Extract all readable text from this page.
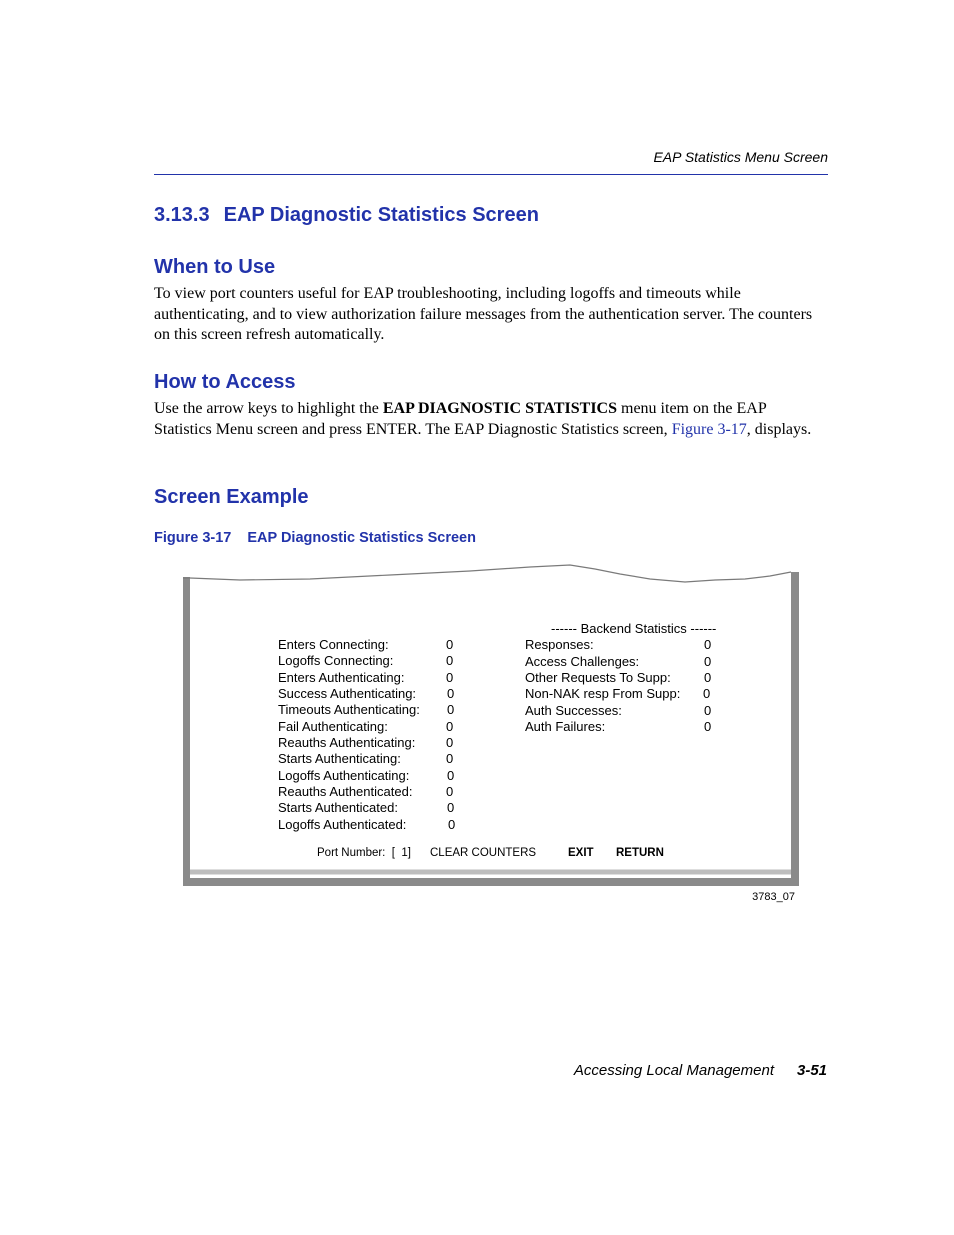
EAP Statistics Menu Screen
3.13.3 EAP Diagnostic Statistics Screen
When to Use
To view port counters useful for EAP troubleshooting, including logoffs and timeouts while authenticating, and to view authorization failure messages from the authentication server. The counters on this screen refresh automatically.
How to Access
Use the arrow keys to highlight the EAP DIAGNOSTIC STATISTICS menu item on the EAP Statistics Menu screen and press ENTER. The EAP Diagnostic Statistics screen, Figure 3-17, displays.
Screen Example
Figure 3-17 EAP Diagnostic Statistics Screen
------ Backend Statistics ------
Enters Connecting:
Logoffs Connecting:
Enters Authenticating:
Success Authenticating:
Timeouts Authenticating:
Fail Authenticating:
Reauths Authenticating:
Starts Authenticating:
Logoffs Authenticating:
Reauths Authenticated:
Starts Authenticated:
Logoffs Authenticated:
0
0
0
0
0
0
0
0
0
0
0
0
Responses:
Access Challenges:
Other Requests To Supp:
Non-NAK resp From Supp:
Auth Successes:
Auth Failures:
0
0
0
0
0
0
Port Number:  [  1] CLEAR COUNTERS	EXIT RETURN
3783_07
Accessing Local Management 3-51
